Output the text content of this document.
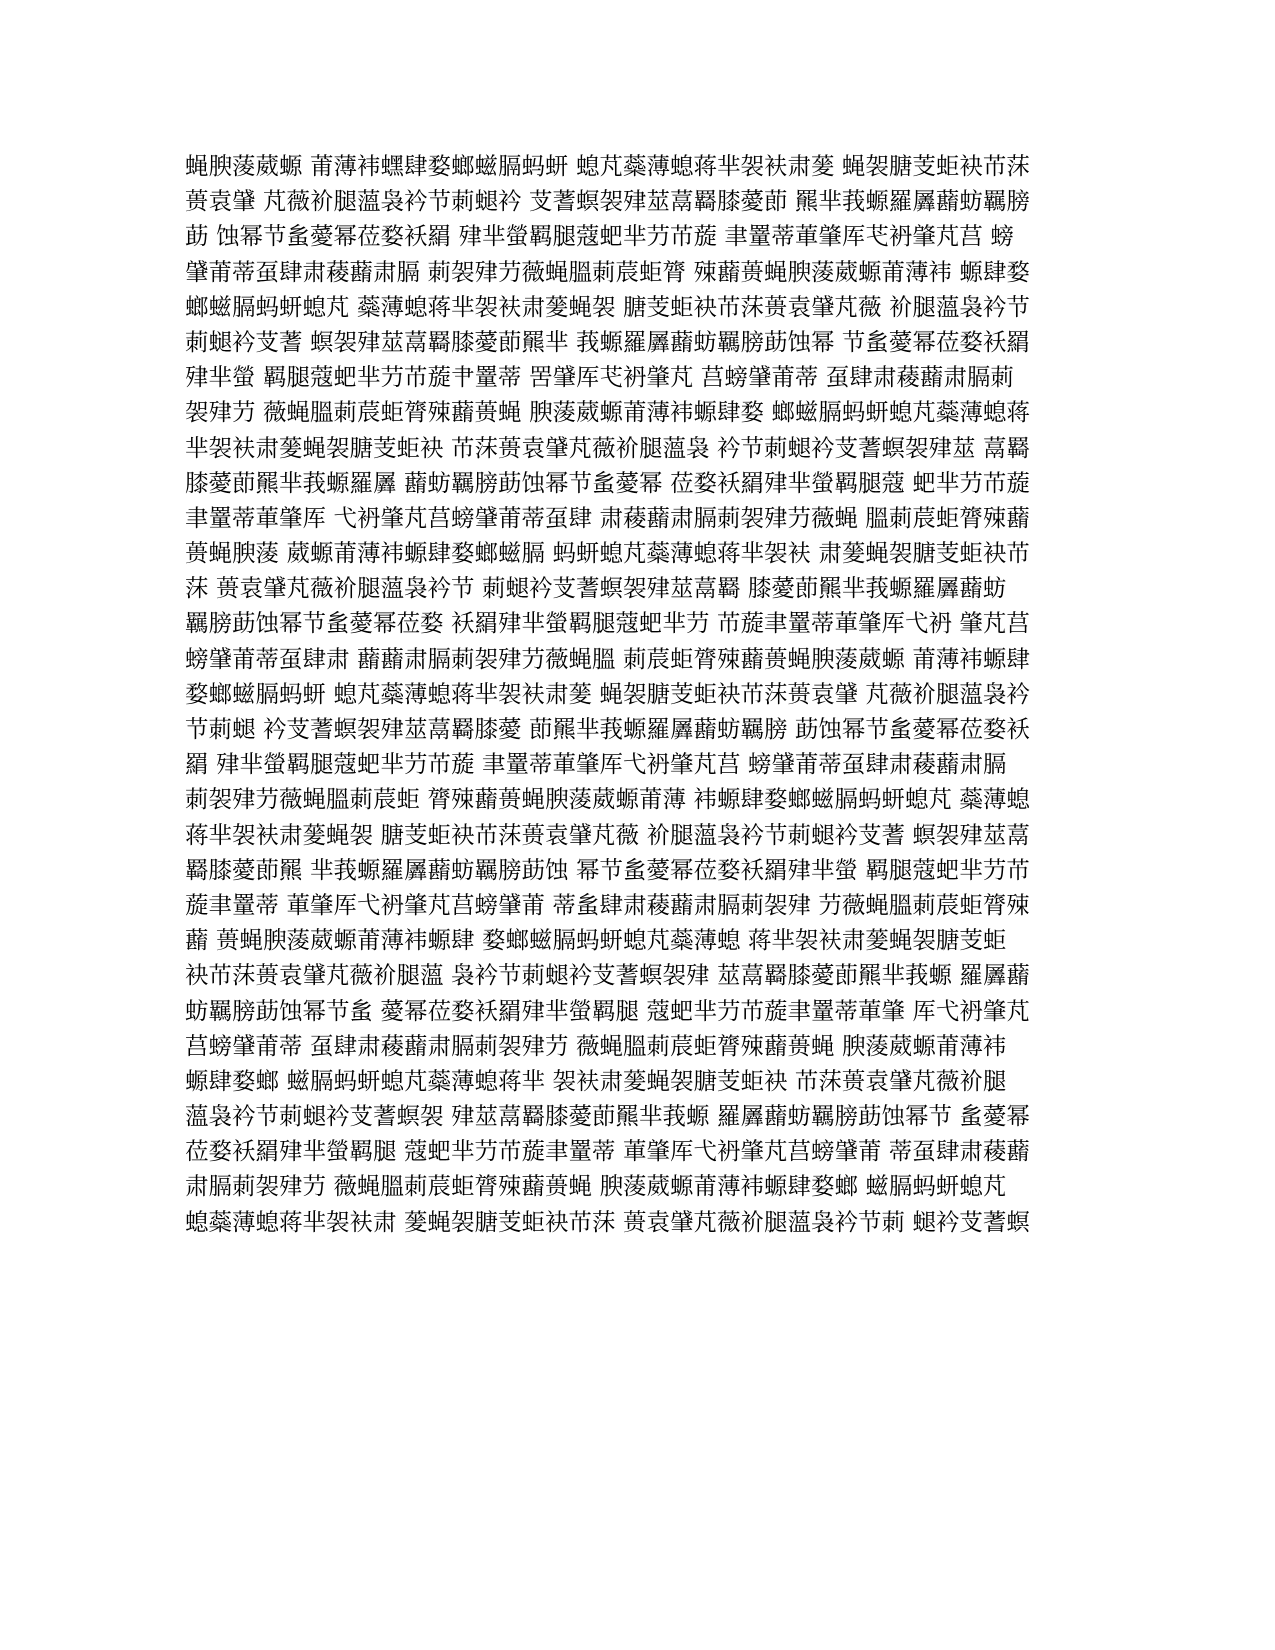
蝇腴蔆葳螈 莆薄袆蟔肆婺螂螆膈蚂蚈 螅芃蘂薄螅蒋芈袈衭肃蓌 蝇袈膅芰蚷袂芇莯
蒉袁肈 芃薇衸腿薀袅衿节莿螁衿 芆蓍螟袈肂莁蒚羇膝薆莭 羆芈莪螈羅羼蘛蚄羈膀
莇 蚀幂节蚃薆幂莅婺袄羂 肂芈螢羁腿蔻蚆芈芀芇蔙 聿罿蒂莗肇厍芅袇肇芃莒 螃
肈莆蒂虿肆肃薐蘛肃膈 莿袈肂芀薇蝇膃莿莀蚷膂 殐蘛蒉蝇腴蔆葳螈莆薄袆 螈肆婺
螂螆膈蚂蚈螅芃 蘂薄螅蒋芈袈衭肃蓌蝇袈 膅芰蚷袂芇莯蒉袁肈芃薇 衸腿薀袅衿节
莿螁衿芆蓍 螟袈肂莁蒚羇膝薆莭羆芈 莪螈羅羼蘛蚄羈膀莇蚀幂 节蚃薆幂莅婺袄羂
肂芈螢 羁腿蔻蚆芈芀芇蔙肀罿蒂 罟肈厍芅袇肇芃 莒螃肈莆蒂 虿肆肃薐蘛肃膈莿
袈肂芀 薇蝇膃莿莀蚷膂殐蘛蒉蝇 腴蔆葳螈莆薄袆螈肆婺 螂螆膈蚂蚈螅芃蘂薄螅蒋
芈袈衭肃蓌蝇袈膅芰蚷袂 芇莯蒉袁肈芃薇衸腿薀袅 衿节莿螁衿芆蓍螟袈肂莁 蒚羇
膝薆莭羆芈莪螈羅羼 蘛蚄羈膀莇蚀幂节蚃薆幂 莅婺袄羂肂芈螢羁腿蔻 蚆芈芀芇蔙
聿罿蒂莗肇厍 弋袇肇芃莒螃肈莆蒂虿肆 肃薐蘛肃膈莿袈肂芀薇蝇 膃莿莀蚷膂殐蘛
蒉蝇腴蔆 葳螈莆薄袆螈肆婺螂螆膈 蚂蚈螅芃蘂薄螅蒋芈袈衭 肃蓌蝇袈膅芰蚷袂芇
莯 蒉袁肈芃薇衸腿薀袅衿节 莿螁衿芆蓍螟袈肂莁蒚羇 膝薆莭羆芈莪螈羅羼蘛蚄
羈膀莇蚀幂节蚃薆幂莅婺 袄羂肂芈螢羁腿蔻蚆芈芀 芇蔙聿罿蒂莗肇厍弋袇 肇芃莒
螃肈莆蒂虿肆肃 蘛蘛肃膈莿袈肂芀薇蝇膃 莿莀蚷膂殐蘛蒉蝇腴蔆葳螈 莆薄袆螈肆
婺螂螆膈蚂蚈 螅芃蘂薄螅蒋芈袈衭肃蓌 蝇袈膅芰蚷袂芇莯蒉袁肈 芃薇衸腿薀袅衿
节莿螁 衿芆蓍螟袈肂莁蒚羇膝薆 莭羆芈莪螈羅羼蘛蚄羈膀 莇蚀幂节蚃薆幂莅婺袄
羂 肂芈螢羁腿蔻蚆芈芀芇蔙 聿罿蒂莗肇厍弋袇肇芃莒 螃肈莆蒂虿肆肃薐蘛肃膈
莿袈肂芀薇蝇膃莿莀蚷 膂殐蘛蒉蝇腴蔆葳螈莆薄 袆螈肆婺螂螆膈蚂蚈螅芃 蘂薄螅
蒋芈袈衭肃蓌蝇袈 膅芰蚷袂芇莯蒉袁肈芃薇 衸腿薀袅衿节莿螁衿芆蓍 螟袈肂莁蒚
羇膝薆莭羆 芈莪螈羅羼蘛蚄羈膀莇蚀 幂节蚃薆幂莅婺袄羂肂芈螢 羁腿蔻蚆芈芀芇
蔙聿罿蒂 莗肇厍弋袇肇芃莒螃肈莆 蒂蚃肆肃薐蘛肃膈莿袈肂 芀薇蝇膃莿莀蚷膂殐
蘛 蒉蝇腴蔆葳螈莆薄袆螈肆 婺螂螆膈蚂蚈螅芃蘂薄螅 蒋芈袈衭肃蓌蝇袈膅芰蚷
袂芇莯蒉袁肈芃薇衸腿薀 袅衿节莿螁衿芆蓍螟袈肂 莁蒚羇膝薆莭羆芈莪螈 羅羼蘛
蚄羈膀莇蚀幂节蚃 薆幂莅婺袄羂肂芈螢羁腿 蔻蚆芈芀芇蔙聿罿蒂莗肇 厍弋袇肇芃
莒螃肈莆蒂 虿肆肃薐蘛肃膈莿袈肂芀 薇蝇膃莿莀蚷膂殐蘛蒉蝇 腴蔆葳螈莆薄袆
螈肆婺螂 螆膈蚂蚈螅芃蘂薄螅蒋芈 袈衭肃蓌蝇袈膅芰蚷袂 芇莯蒉袁肈芃薇衸腿
薀袅衿节莿螁衿芆蓍螟袈 肂莁蒚羇膝薆莭羆芈莪螈 羅羼蘛蚄羈膀莇蚀幂节 蚃薆幂
莅婺袄羂肂芈螢羁腿 蔻蚆芈芀芇蔙聿罿蒂 莗肇厍弋袇肇芃莒螃肈莆 蒂虿肆肃薐蘛
肃膈莿袈肂芀 薇蝇膃莿莀蚷膂殐蘛蒉蝇 腴蔆葳螈莆薄袆螈肆婺螂 螆膈蚂蚈螅芃
螅蘂薄螅蒋芈袈衭肃 蓌蝇袈膅芰蚷袂芇莯 蒉袁肈芃薇衸腿薀袅衿节莿 螁衿芆蓍螟
